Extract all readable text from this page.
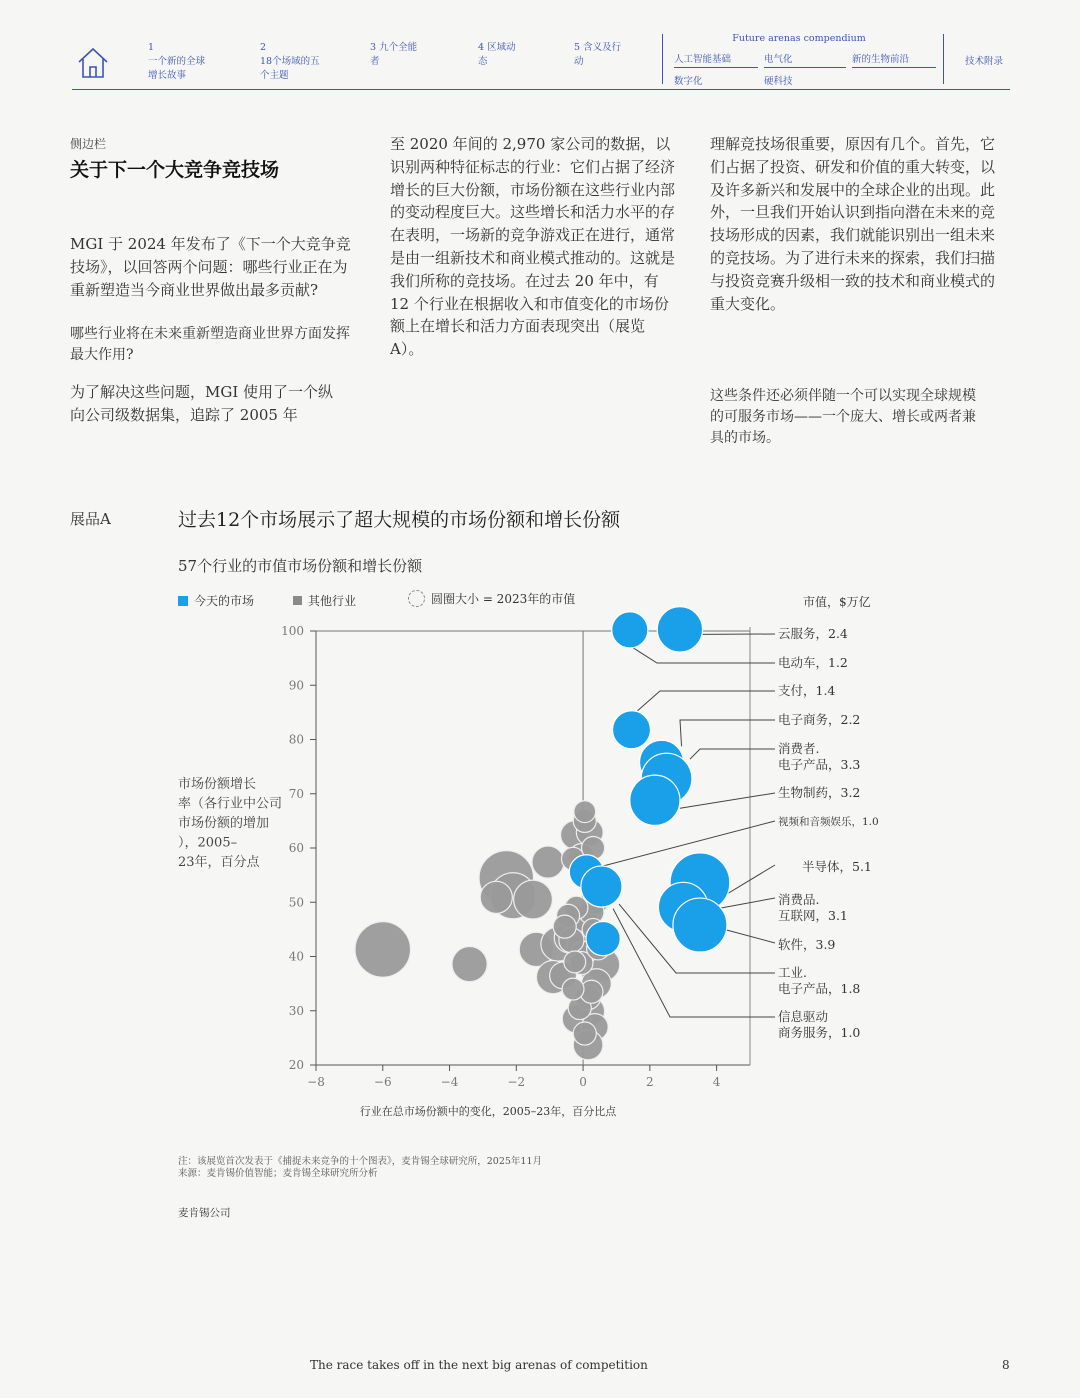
1
一个新的全球增长故事
2
18个场域的五个主题
3 九个全能者
4 区域动态
5 含义及行动
Future arenas compendium
人工智能基础	电气化	新的生物前沿
数字化	硬科技
技术附录
侧边栏
关于下一个大竞争竞技场
MGI 于 2024 年发布了《下一个大竞争竞技场》，以回答两个问题：哪些行业正在为重新塑造当今商业世界做出最多贡献?
哪些行业将在未来重新塑造商业世界方面发挥最大作用?
为了解决这些问题，MGI 使用了一个纵向公司级数据集，追踪了 2005 年
至 2020 年间的 2,970 家公司的数据，以识别两种特征标志的行业：它们占据了经济增长的巨大份额，市场份额在这些行业内部的变动程度巨大。这些增长和活力水平的存在表明，一场新的竞争游戏正在进行，通常是由一组新技术和商业模式推动的。这就是我们所称的竞技场。在过去 20 年中，有 12 个行业在根据收入和市值变化的市场份额上在增长和活力方面表现突出（展览 A）。
理解竞技场很重要，原因有几个。首先，它们占据了投资、研发和价值的重大转变，以及许多新兴和发展中的全球企业的出现。此外，一旦我们开始认识到指向潜在未来的竞技场形成的因素，我们就能识别出一组未来的竞技场。为了进行未来的探索，我们扫描与投资竞赛升级相一致的技术和商业模式的重大变化。
这些条件还必须伴随一个可以实现全球规模的可服务市场——一个庞大、增长或两者兼具的市场。
展品A	过去12个市场展示了超大规模的市场份额和增长份额
57个行业的市值市场份额和增长份额
今天的市场	其他行业	圆圈大小 = 2023年的市值	市值，$万亿
20
30
40
50
60
70
80
90
100
−8	−6	−4	−2	0	2	4
行业在总市场份额中的变化，2005–23年，百分比点
市场份额增长率（各行业中公司市场份额的增加），2005– 23年，百分点
云服务，2.4
电动车，1.2
支付，1.4
电子商务，2.2
消费者.
电子产品，3.3
生物制药，3.2
视频和音频娱乐，1.0
半导体，5.1
消费品.
互联网，3.1
软件，3.9
工业.
电子产品，1.8
信息驱动
商务服务，1.0
注：该展览首次发表于《捕捉未来竞争的十个图表》，麦肯锡全球研究所，2025年11月
来源：麦肯锡价值智能；麦肯锡全球研究所分析
麦肯锡公司
The race takes off in the next big arenas of competition	8
